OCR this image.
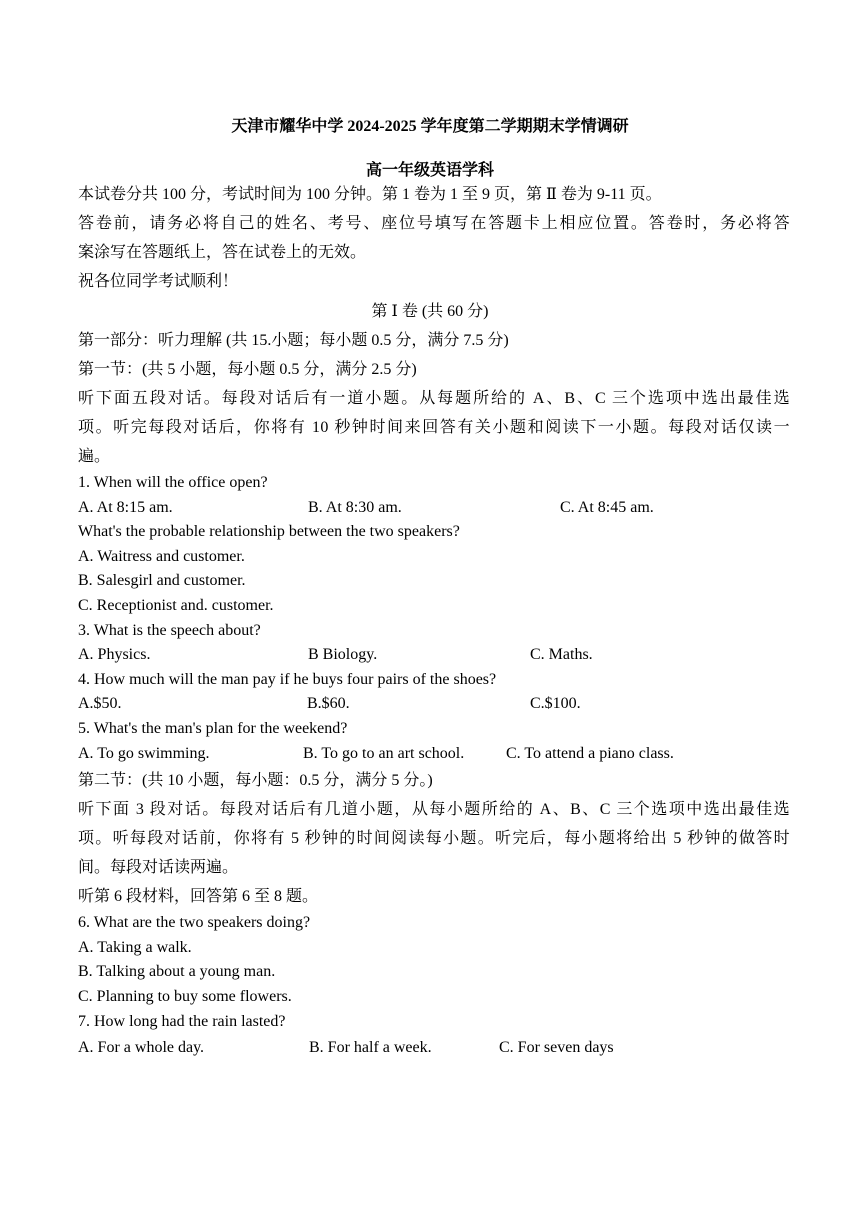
天津市耀华中学 2024-2025 学年度第二学期期末学情调研
高一年级英语学科
本试卷分共 100 分，考试时间为 100 分钟。第 1 卷为 1 至 9 页，第 Ⅱ 卷为 9-11 页。
答卷前，请务必将自己的姓名、考号、座位号填写在答题卡上相应位置。答卷时，务必将答
案涂写在答题纸上，答在试卷上的无效。
祝各位同学考试顺利！
第 Ⅰ 卷 (共 60 分)
第一部分：听力理解 (共 15.小题；每小题 0.5 分，满分 7.5 分)
第一节：(共 5 小题，每小题 0.5 分，满分 2.5 分)
听下面五段对话。每段对话后有一道小题。从每题所给的 A、B、C 三个选项中选出最佳选
项。听完每段对话后，你将有 10 秒钟时间来回答有关小题和阅读下一小题。每段对话仅读一
遍。
1. When will the office open?
A. At 8:15 am.	B. At 8:30 am.	C. At 8:45 am.
What's the probable relationship between the two speakers?
A. Waitress and customer.
B. Salesgirl and customer.
C. Receptionist and. customer.
3. What is the speech about?
A. Physics.	B Biology.	C. Maths.
4. How much will the man pay if he buys four pairs of the shoes?
A.$50.	B.$60.	C.$100.
5. What's the man's plan for the weekend?
A. To go swimming.	B. To go to an art school.	C. To attend a piano class.
第二节：(共 10 小题，每小题：0.5 分，满分 5 分。)
听下面 3 段对话。每段对话后有几道小题，从每小题所给的 A、B、C 三个选项中选出最佳选
项。听每段对话前，你将有 5 秒钟的时间阅读每小题。听完后，每小题将给出 5 秒钟的做答时
间。每段对话读两遍。
听第 6 段材料，回答第 6 至 8 题。
6. What are the two speakers doing?
A. Taking a walk.
B. Talking about a young man.
C. Planning to buy some flowers.
7. How long had the rain lasted?
A. For a whole day.	B. For half a week.	C. For seven days
